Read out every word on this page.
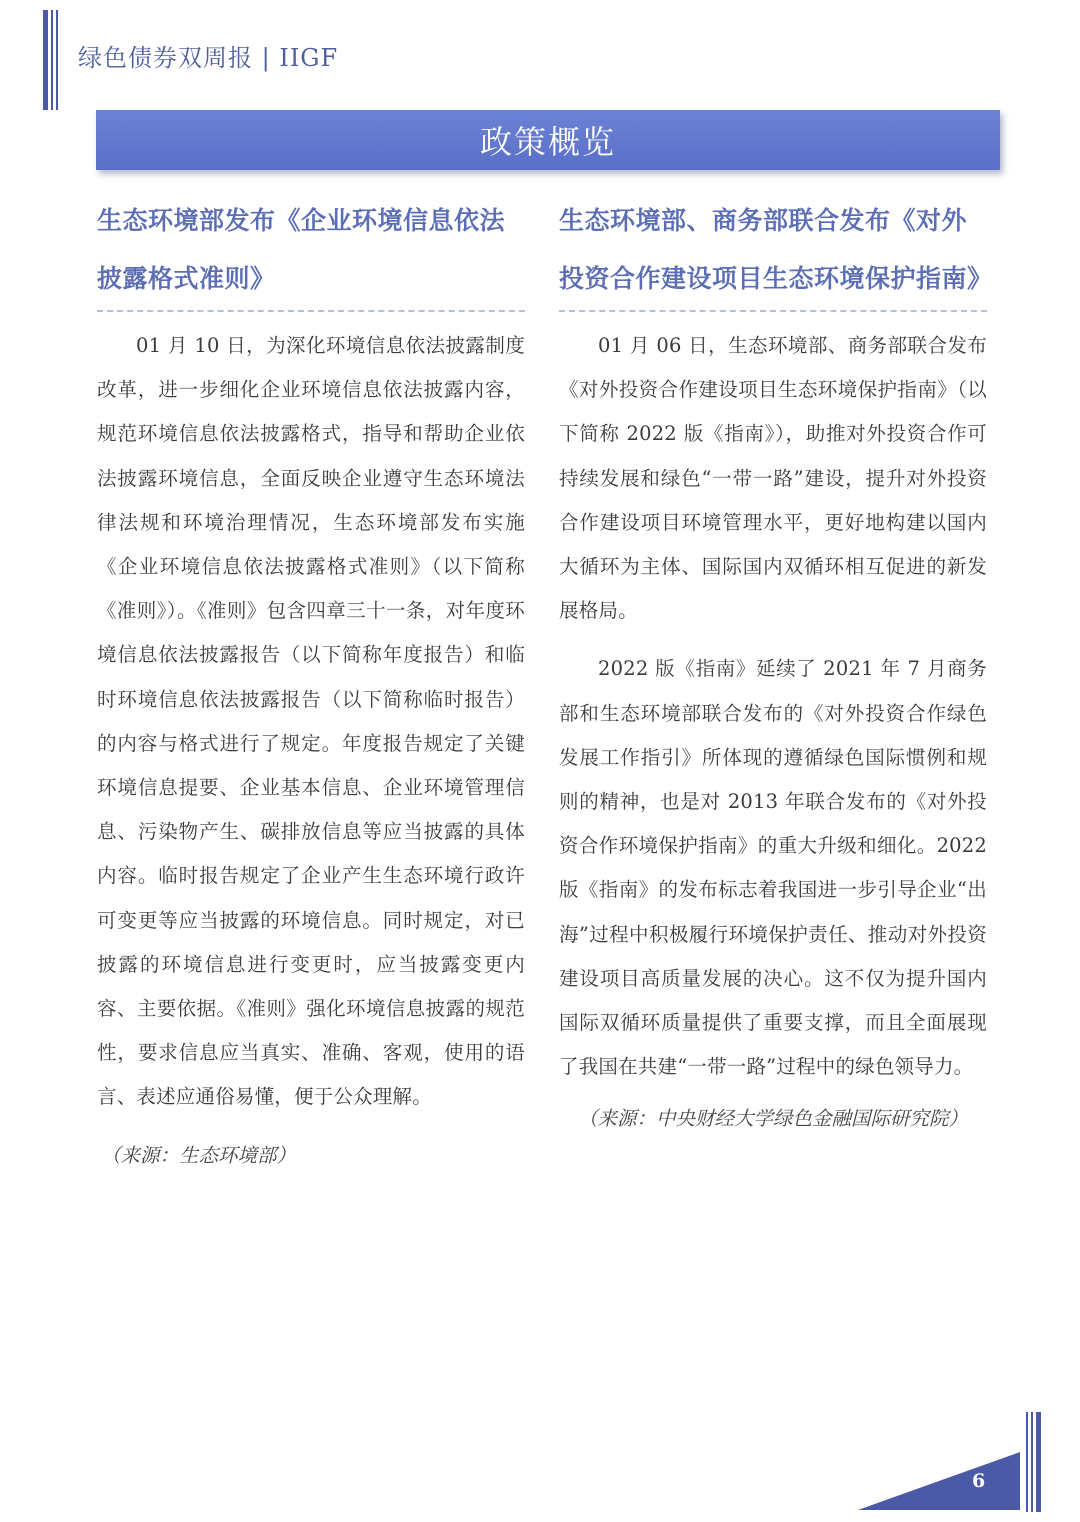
绿色债券双周报 | IIGF
政策概览
生态环境部发布《企业环境信息依法披露格式准则》

01 月 10 日，为深化环境信息依法披露制度改革，进一步细化企业环境信息依法披露内容，规范环境信息依法披露格式，指导和帮助企业依法披露环境信息，全面反映企业遵守生态环境法律法规和环境治理情况，生态环境部发布实施《企业环境信息依法披露格式准则》（以下简称《准则》）。《准则》包含四章三十一条，对年度环境信息依法披露报告（以下简称年度报告）和临时环境信息依法披露报告（以下简称临时报告）的内容与格式进行了规定。年度报告规定了关键环境信息提要、企业基本信息、企业环境管理信息、污染物产生、碳排放信息等应当披露的具体内容。临时报告规定了企业产生生态环境行政许可变更等应当披露的环境信息。同时规定，对已披露的环境信息进行变更时，应当披露变更内容、主要依据。《准则》强化环境信息披露的规范性，要求信息应当真实、准确、客观，使用的语言、表述应通俗易懂，便于公众理解。

（来源：生态环境部）
生态环境部、商务部联合发布《对外投资合作建设项目生态环境保护指南》

01 月 06 日，生态环境部、商务部联合发布《对外投资合作建设项目生态环境保护指南》（以下简称 2022 版《指南》），助推对外投资合作可持续发展和绿色“一带一路”建设，提升对外投资合作建设项目环境管理水平，更好地构建以国内大循环为主体、国际国内双循环相互促进的新发展格局。

2022 版《指南》延续了 2021 年 7 月商务部和生态环境部联合发布的《对外投资合作绿色发展工作指引》所体现的遵循绿色国际惯例和规则的精神，也是对 2013 年联合发布的《对外投资合作环境保护指南》的重大升级和细化。2022 版《指南》的发布标志着我国进一步引导企业“出海”过程中积极履行环境保护责任、推动对外投资建设项目高质量发展的决心。这不仅为提升国内国际双循环质量提供了重要支撑，而且全面展现了我国在共建“一带一路”过程中的绿色领导力。

（来源：中央财经大学绿色金融国际研究院）
6
